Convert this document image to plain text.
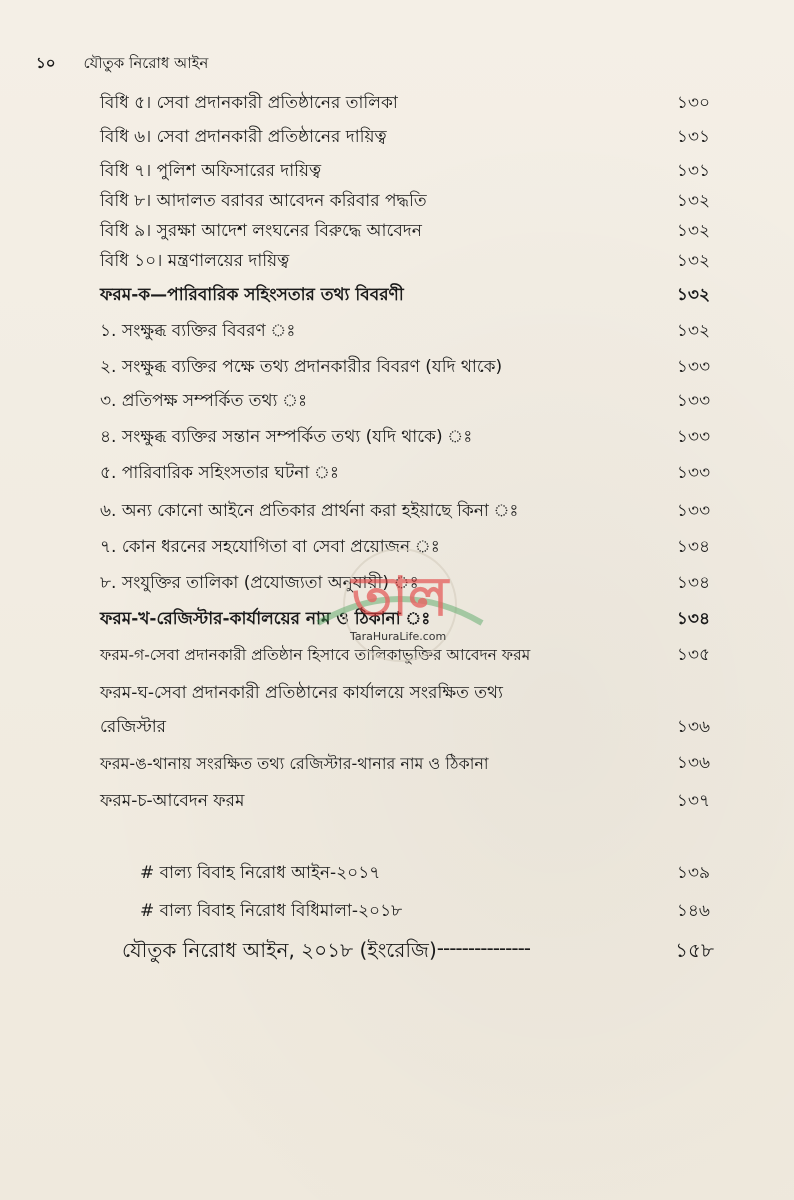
১০ যৌতুক নিরোধ আইন
বিধি ৫। সেবা প্রদানকারী প্রতিষ্ঠানের তালিকা	১৩০
বিধি ৬। সেবা প্রদানকারী প্রতিষ্ঠানের দায়িত্ব	১৩১
বিধি ৭। পুলিশ অফিসারের দায়িত্ব	১৩১
বিধি ৮। আদালত বরাবর আবেদন করিবার পদ্ধতি	১৩২
বিধি ৯। সুরক্ষা আদেশ লংঘনের বিরুদ্ধে আবেদন	১৩২
বিধি ১০। মন্ত্রণালয়ের দায়িত্ব	১৩২
ফরম-ক—পারিবারিক সহিংসতার তথ্য বিবরণী	১৩২
১. সংক্ষুব্ধ ব্যক্তির বিবরণ ঃ	১৩২
২. সংক্ষুব্ধ ব্যক্তির পক্ষে তথ্য প্রদানকারীর বিবরণ (যদি থাকে)	১৩৩
৩. প্রতিপক্ষ সম্পর্কিত তথ্য ঃ	১৩৩
৪. সংক্ষুব্ধ ব্যক্তির সন্তান সম্পর্কিত তথ্য (যদি থাকে) ঃ	১৩৩
৫. পারিবারিক সহিংসতার ঘটনা ঃ	১৩৩
৬. অন্য কোনো আইনে প্রতিকার প্রার্থনা করা হইয়াছে কিনা ঃ	১৩৩
৭. কোন ধরনের সহযোগিতা বা সেবা প্রয়োজন ঃ	১৩৪
৮. সংযুক্তির তালিকা (প্রযোজ্যতা অনুযায়ী) ঃ	১৩৪
ফরম-খ-রেজিস্টার-কার্যালয়ের নাম ও ঠিকানা ঃ	১৩৪
ফরম-গ-সেবা প্রদানকারী প্রতিষ্ঠান হিসাবে তালিকাভুক্তির আবেদন ফরম	১৩৫
ফরম-ঘ-সেবা প্রদানকারী প্রতিষ্ঠানের কার্যালয়ে সংরক্ষিত তথ্য
রেজিস্টার	১৩৬
ফরম-ঙ-থানায় সংরক্ষিত তথ্য রেজিস্টার-থানার নাম ও ঠিকানা	১৩৬
ফরম-চ-আবেদন ফরম	১৩৭
# বাল্য বিবাহ নিরোধ আইন-২০১৭	১৩৯
# বাল্য বিবাহ নিরোধ বিধিমালা-২০১৮	১৪৬
যৌতুক নিরোধ আইন, ২০১৮ (ইংরেজি) ---------------	১৫৮
তাল
TaraHuraLife.com
